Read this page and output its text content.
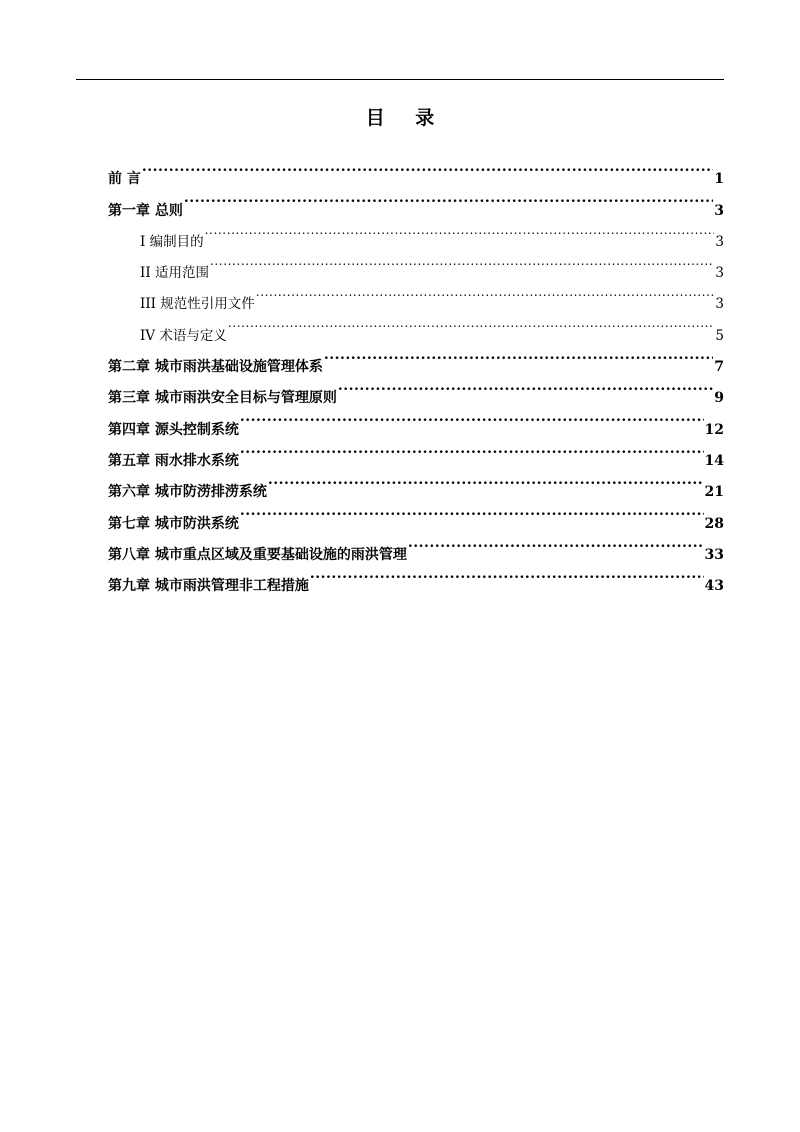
目 录
前 言 .....	1
第一章 总则 .....	3
I 编制目的 .....	3
II 适用范围 .....	3
III 规范性引用文件 .....	3
IV 术语与定义 .....	5
第二章 城市雨洪基础设施管理体系 .....	7
第三章 城市雨洪安全目标与管理原则 .....	9
第四章 源头控制系统 .....	12
第五章 雨水排水系统 .....	14
第六章 城市防涝排涝系统 .....	21
第七章 城市防洪系统 .....	28
第八章 城市重点区域及重要基础设施的雨洪管理 .....	33
第九章 城市雨洪管理非工程措施 .....	43
